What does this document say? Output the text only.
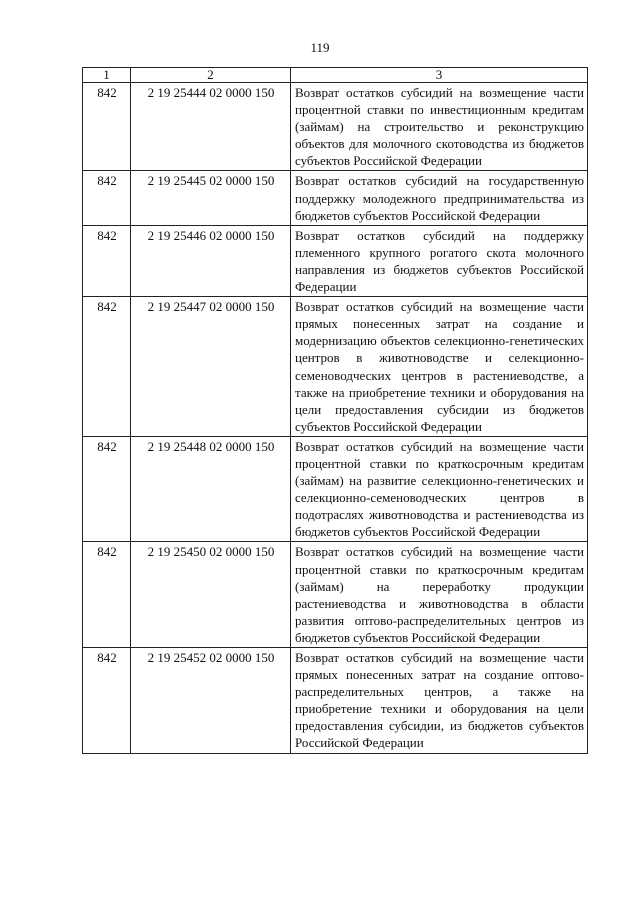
119
1	2	3
842	2 19 25444 02 0000 150	Возврат остатков субсидий на возмещение части процентной ставки по инвестиционным кредитам (займам) на строительство и реконструкцию объектов для молочного скотоводства из бюджетов субъектов Российской Федерации
842	2 19 25445 02 0000 150	Возврат остатков субсидий на государственную поддержку молодежного предпринимательства из бюджетов субъектов Российской Федерации
842	2 19 25446 02 0000 150	Возврат остатков субсидий на поддержку племенного крупного рогатого скота молочного направления из бюджетов субъектов Российской Федерации
842	2 19 25447 02 0000 150	Возврат остатков субсидий на возмещение части прямых понесенных затрат на создание и модернизацию объектов селекционно-генетических центров в животноводстве и селекционно-семеноводческих центров в растениеводстве, а также на приобретение техники и оборудования на цели предоставления субсидии из бюджетов субъектов Российской Федерации
842	2 19 25448 02 0000 150	Возврат остатков субсидий на возмещение части процентной ставки по краткосрочным кредитам (займам) на развитие селекционно-генетических и селекционно-семеноводческих центров в подотраслях животноводства и растениеводства из бюджетов субъектов Российской Федерации
842	2 19 25450 02 0000 150	Возврат остатков субсидий на возмещение части процентной ставки по краткосрочным кредитам (займам) на переработку продукции растениеводства и животноводства в области развития оптово-распределительных центров из бюджетов субъектов Российской Федерации
842	2 19 25452 02 0000 150	Возврат остатков субсидий на возмещение части прямых понесенных затрат на создание оптово-распределительных центров, а также на приобретение техники и оборудования на цели предоставления субсидии, из бюджетов субъектов Российской Федерации
